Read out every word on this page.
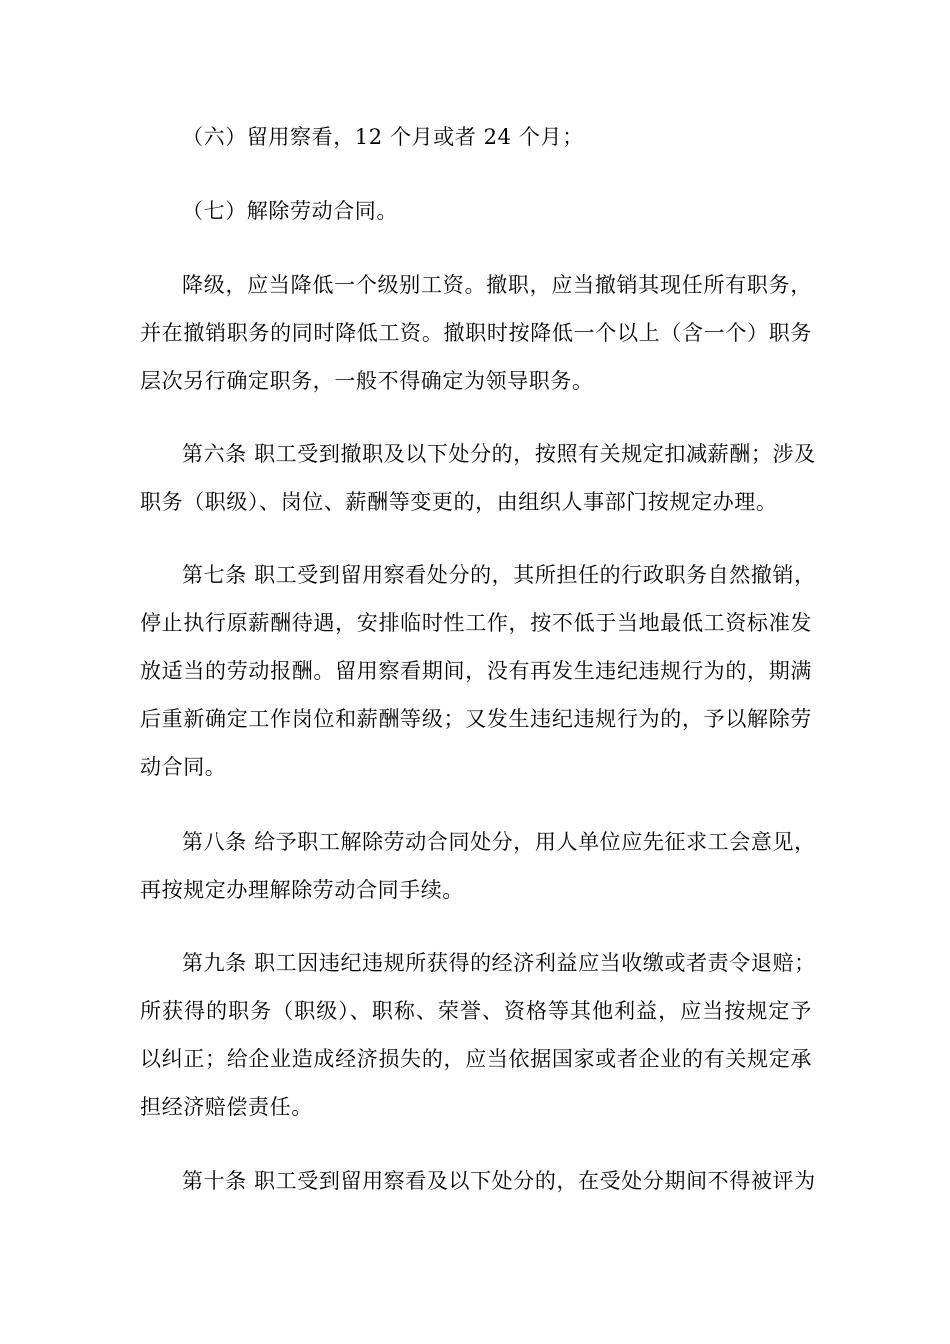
（六）留用察看，12 个月或者 24 个月；

（七）解除劳动合同。

降级，应当降低一个级别工资。撤职，应当撤销其现任所有职务，
并在撤销职务的同时降低工资。撤职时按降低一个以上（含一个）职务
层次另行确定职务，一般不得确定为领导职务。

第六条 职工受到撤职及以下处分的，按照有关规定扣减薪酬；涉及
职务（职级）、岗位、薪酬等变更的，由组织人事部门按规定办理。

第七条 职工受到留用察看处分的，其所担任的行政职务自然撤销，
停止执行原薪酬待遇，安排临时性工作，按不低于当地最低工资标准发
放适当的劳动报酬。留用察看期间，没有再发生违纪违规行为的，期满
后重新确定工作岗位和薪酬等级；又发生违纪违规行为的，予以解除劳
动合同。

第八条 给予职工解除劳动合同处分，用人单位应先征求工会意见，
再按规定办理解除劳动合同手续。

第九条 职工因违纪违规所获得的经济利益应当收缴或者责令退赔；
所获得的职务（职级）、职称、荣誉、资格等其他利益，应当按规定予
以纠正；给企业造成经济损失的，应当依据国家或者企业的有关规定承
担经济赔偿责任。

第十条 职工受到留用察看及以下处分的，在受处分期间不得被评为
